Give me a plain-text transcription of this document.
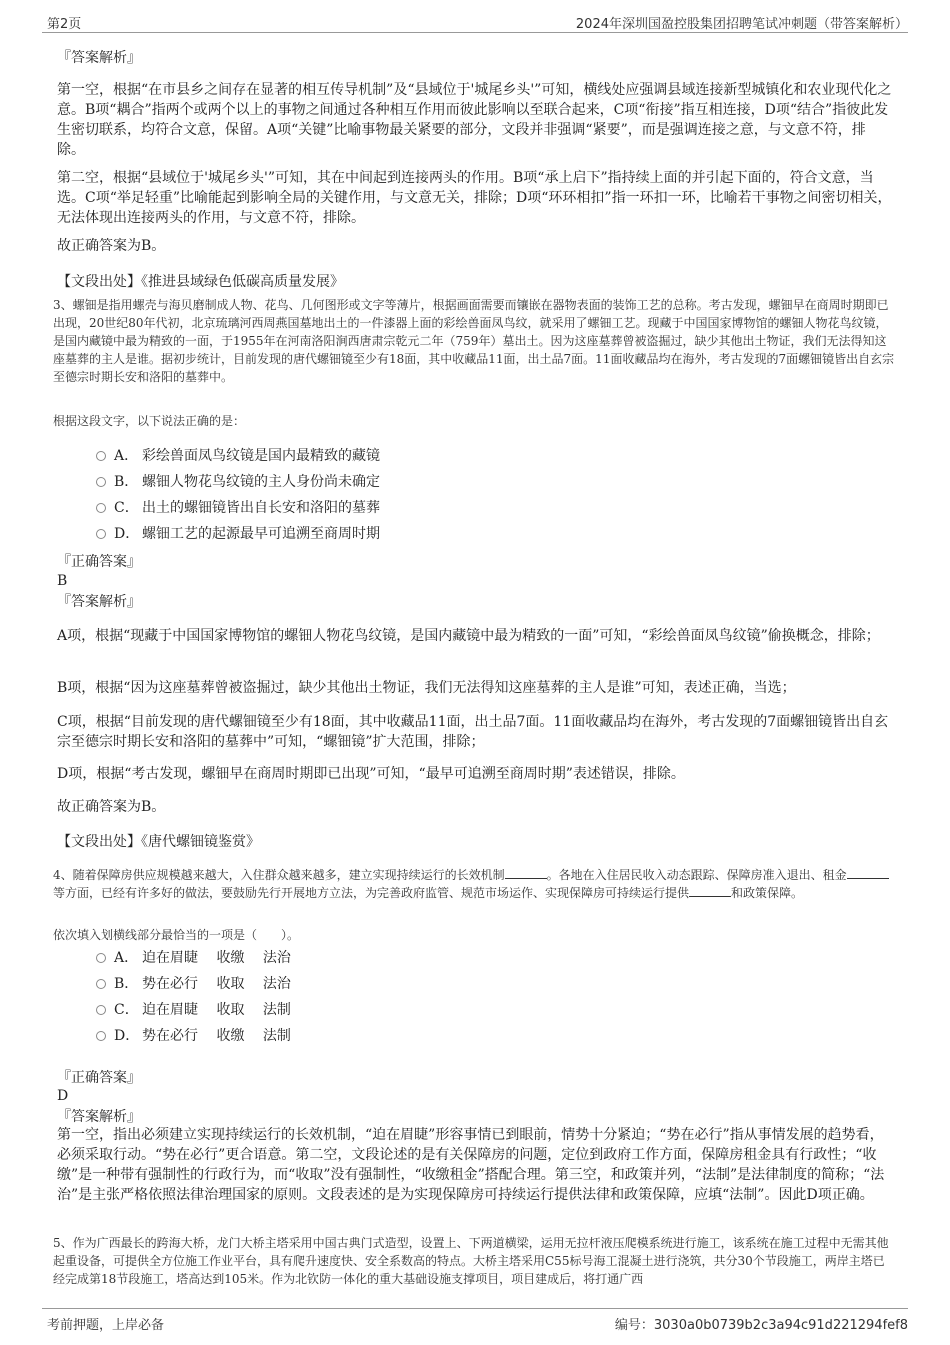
第2页	2024年深圳国盈控股集团招聘笔试冲刺题（带答案解析）
『答案解析』
第一空，根据“在市县乡之间存在显著的相互传导机制”及“县域位于'城尾乡头'”可知，横线处应强调县域连接新型城镇化和农业现代化之意。B项“耦合”指两个或两个以上的事物之间通过各种相互作用而彼此影响以至联合起来，C项“衔接”指互相连接，D项“结合”指彼此发生密切联系，均符合文意，保留。A项“关键”比喻事物最关紧要的部分，文段并非强调“紧要”，而是强调连接之意，与文意不符，排除。
第二空，根据“县域位于'城尾乡头'”可知，其在中间起到连接两头的作用。B项“承上启下”指持续上面的并引起下面的，符合文意，当选。C项“举足轻重”比喻能起到影响全局的关键作用，与文意无关，排除；D项“环环相扣”指一环扣一环，比喻若干事物之间密切相关，无法体现出连接两头的作用，与文意不符，排除。
故正确答案为B。
【文段出处】《推进县域绿色低碳高质量发展》
3、螺钿是指用螺壳与海贝磨制成人物、花鸟、几何图形或文字等薄片，根据画面需要而镶嵌在器物表面的装饰工艺的总称。考古发现，螺钿早在商周时期即已出现，20世纪80年代初，北京琉璃河西周燕国墓地出土的一件漆器上面的彩绘兽面凤鸟纹，就采用了螺钿工艺。现藏于中国国家博物馆的螺钿人物花鸟纹镜，是国内藏镜中最为精致的一面，于1955年在河南洛阳涧西唐肃宗乾元二年（759年）墓出土。因为这座墓葬曾被盗掘过，缺少其他出土物证，我们无法得知这座墓葬的主人是谁。据初步统计，目前发现的唐代螺钿镜至少有18面，其中收藏品11面，出土品7面。11面收藏品均在海外，考古发现的7面螺钿镜皆出自玄宗至德宗时期长安和洛阳的墓葬中。
根据这段文字，以下说法正确的是：
A． 彩绘兽面凤鸟纹镜是国内最精致的藏镜
B． 螺钿人物花鸟纹镜的主人身份尚未确定
C． 出土的螺钿镜皆出自长安和洛阳的墓葬
D． 螺钿工艺的起源最早可追溯至商周时期
『正确答案』
B
『答案解析』
A项，根据“现藏于中国国家博物馆的螺钿人物花鸟纹镜，是国内藏镜中最为精致的一面”可知，“彩绘兽面凤鸟纹镜”偷换概念，排除；
B项，根据“因为这座墓葬曾被盗掘过，缺少其他出土物证，我们无法得知这座墓葬的主人是谁”可知，表述正确，当选；
C项，根据“目前发现的唐代螺钿镜至少有18面，其中收藏品11面，出土品7面。11面收藏品均在海外，考古发现的7面螺钿镜皆出自玄宗至德宗时期长安和洛阳的墓葬中”可知，“螺钿镜”扩大范围，排除；
D项，根据“考古发现，螺钿早在商周时期即已出现”可知，“最早可追溯至商周时期”表述错误，排除。
故正确答案为B。
【文段出处】《唐代螺钿镜鉴赏》
4、随着保障房供应规模越来越大，入住群众越来越多，建立实现持续运行的长效机制	。各地在入住居民收入动态跟踪、保障房准入退出、租金等方面，已经有许多好的做法，要鼓励先行开展地方立法，为完善政府监管、规范市场运作、实现保障房可持续运行提供	和政策保障。
依次填入划横线部分最恰当的一项是（　　）。
A． 迫在眉睫　 收缴　 法治
B． 势在必行　 收取　 法治
C． 迫在眉睫　 收取　 法制
D． 势在必行　 收缴　 法制
『正确答案』
D
『答案解析』
第一空，指出必须建立实现持续运行的长效机制，“迫在眉睫”形容事情已到眼前，情势十分紧迫；“势在必行”指从事情发展的趋势看，必须采取行动。“势在必行”更合语意。第二空，文段论述的是有关保障房的问题，定位到政府工作方面，保障房租金具有行政性；“收缴”是一种带有强制性的行政行为，而“收取”没有强制性，“收缴租金”搭配合理。第三空，和政策并列，“法制”是法律制度的简称；“法治”是主张严格依照法律治理国家的原则。文段表述的是为实现保障房可持续运行提供法律和政策保障，应填“法制”。因此D项正确。
5、作为广西最长的跨海大桥，龙门大桥主塔采用中国古典门式造型，设置上、下两道横梁，运用无拉杆液压爬模系统进行施工，该系统在施工过程中无需其他起重设备，可提供全方位施工作业平台，具有爬升速度快、安全系数高的特点。大桥主塔采用C55标号海工混凝土进行浇筑，共分30个节段施工，两岸主塔已经完成第18节段施工，塔高达到105米。作为北钦防一体化的重大基础设施支撑项目，项目建成后，将打通广西
考前押题，上岸必备	编号：3030a0b0739b2c3a94c91d221294fef8
